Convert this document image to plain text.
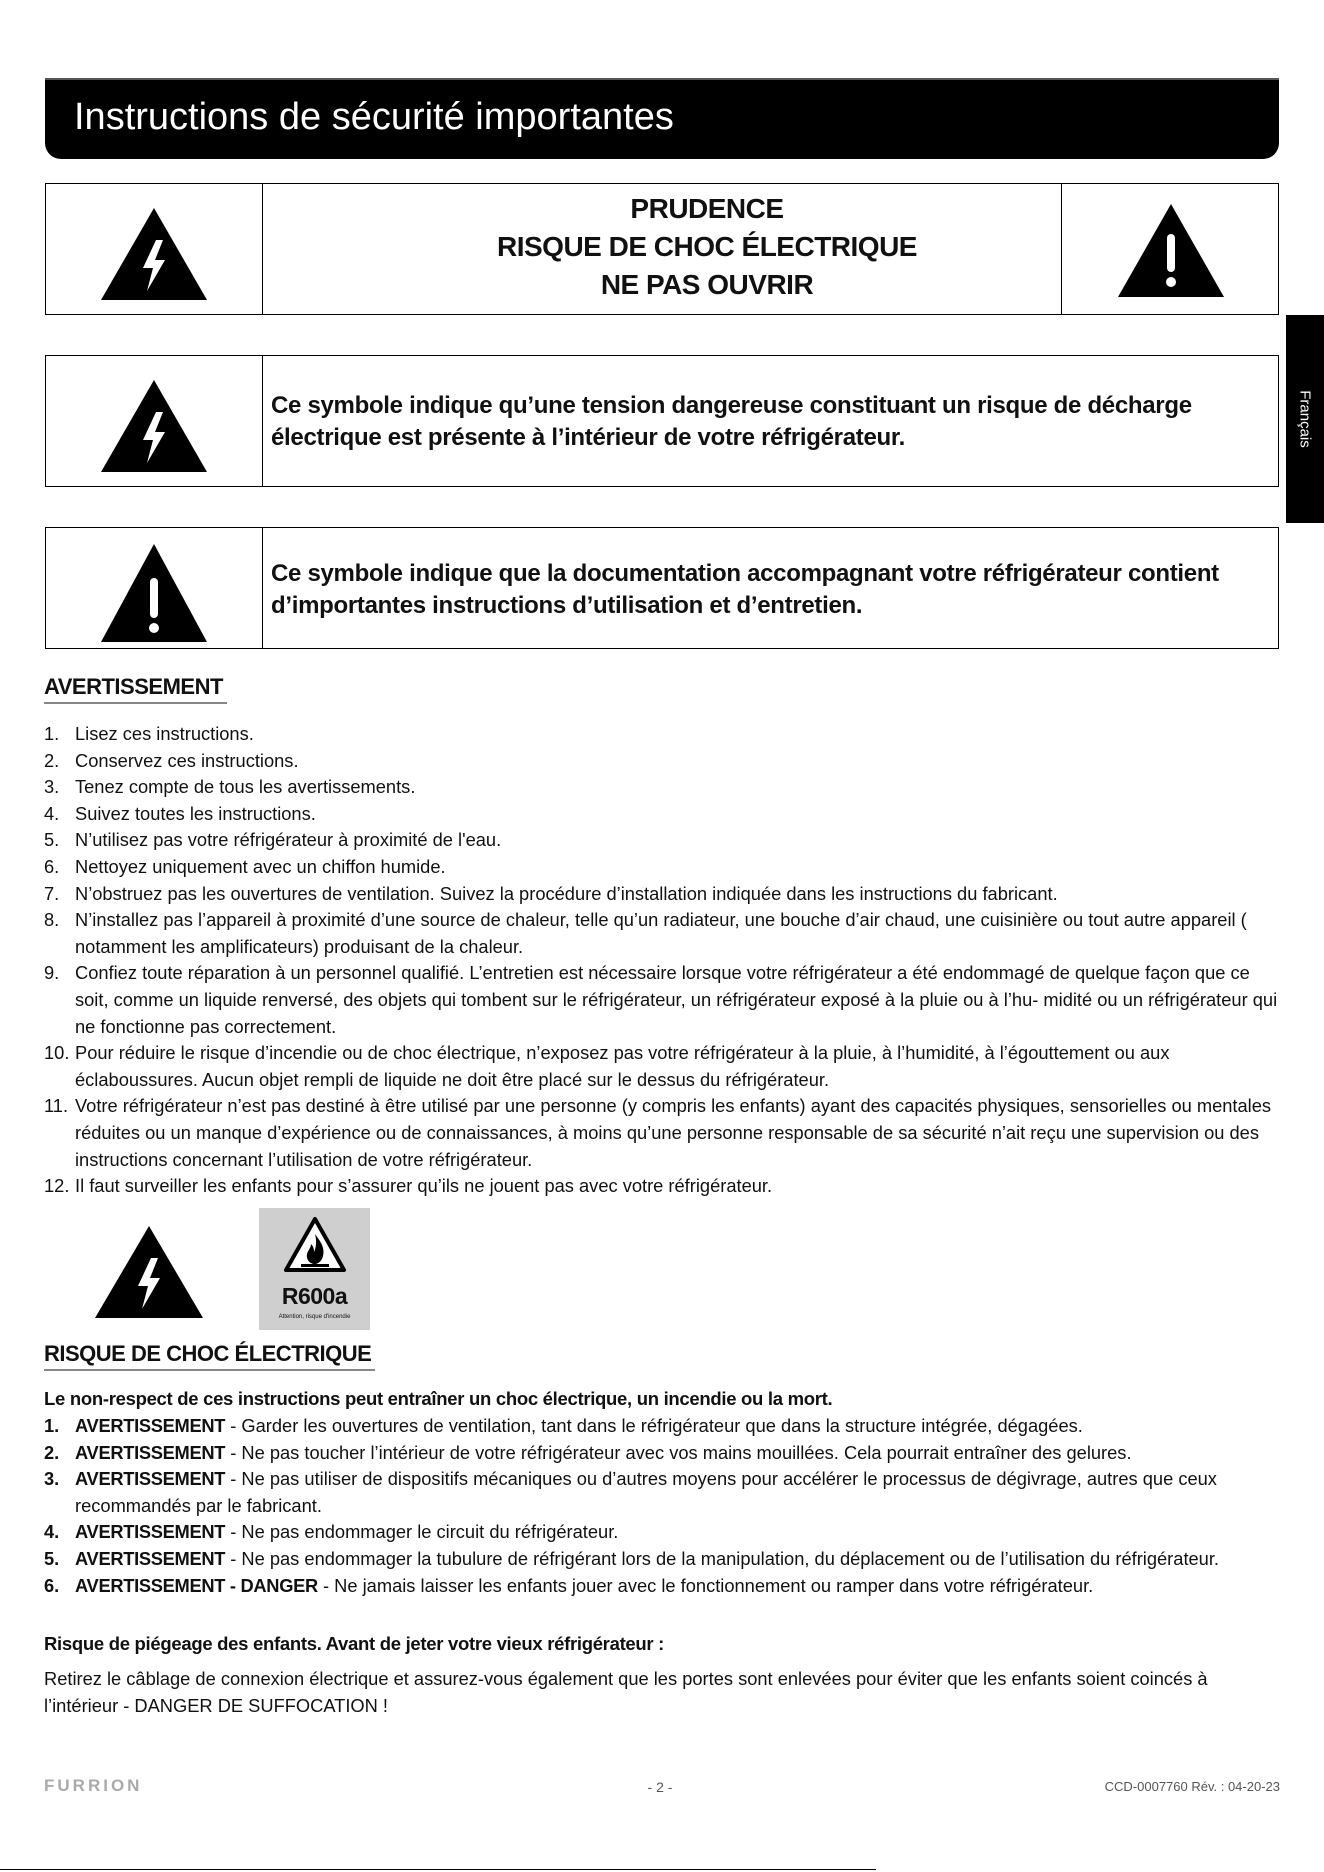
Instructions de sécurité importantes
Français
PRUDENCE
RISQUE DE CHOC ÉLECTRIQUE
NE PAS OUVRIR
Ce symbole indique qu’une tension dangereuse constituant un risque de décharge électrique est présente à l’intérieur de votre réfrigérateur.
Ce symbole indique que la documentation accompagnant votre réfrigérateur contient d’importantes instructions d’utilisation et d’entretien.
AVERTISSEMENT
1. Lisez ces instructions.
2. Conservez ces instructions.
3. Tenez compte de tous les avertissements.
4. Suivez toutes les instructions.
5. N’utilisez pas votre réfrigérateur à proximité de l'eau.
6. Nettoyez uniquement avec un chiffon humide.
7. N’obstruez pas les ouvertures de ventilation. Suivez la procédure d’installation indiquée dans les instructions du fabricant.
8. N’installez pas l’appareil à proximité d’une source de chaleur, telle qu’un radiateur, une bouche d’air chaud, une cuisinière ou tout autre appareil ( notamment les amplificateurs) produisant de la chaleur.
9. Confiez toute réparation à un personnel qualifié. L’entretien est nécessaire lorsque votre réfrigérateur a été endommagé de quelque façon que ce soit, comme un liquide renversé, des objets qui tombent sur le réfrigérateur, un réfrigérateur exposé à la pluie ou à l’hu- midité ou un réfrigérateur qui ne fonctionne pas correctement.
10. Pour réduire le risque d’incendie ou de choc électrique, n’exposez pas votre réfrigérateur à la pluie, à l’humidité, à l’égouttement ou aux éclaboussures. Aucun objet rempli de liquide ne doit être placé sur le dessus du réfrigérateur.
11. Votre réfrigérateur n’est pas destiné à être utilisé par une personne (y compris les enfants) ayant des capacités physiques, sensorielles ou mentales réduites ou un manque d’expérience ou de connaissances, à moins qu’une personne responsable de sa sécurité n’ait reçu une supervision ou des instructions concernant l’utilisation de votre réfrigérateur.
12. Il faut surveiller les enfants pour s’assurer qu’ils ne jouent pas avec votre réfrigérateur.
R600a
Attention, risque d'incendie
RISQUE DE CHOC ÉLECTRIQUE
Le non-respect de ces instructions peut entraîner un choc électrique, un incendie ou la mort.
1. AVERTISSEMENT - Garder les ouvertures de ventilation, tant dans le réfrigérateur que dans la structure intégrée, dégagées.
2. AVERTISSEMENT - Ne pas toucher l’intérieur de votre réfrigérateur avec vos mains mouillées. Cela pourrait entraîner des gelures.
3. AVERTISSEMENT - Ne pas utiliser de dispositifs mécaniques ou d’autres moyens pour accélérer le processus de dégivrage, autres que ceux recommandés par le fabricant.
4. AVERTISSEMENT - Ne pas endommager le circuit du réfrigérateur.
5. AVERTISSEMENT - Ne pas endommager la tubulure de réfrigérant lors de la manipulation, du déplacement ou de l’utilisation du réfrigérateur.
6. AVERTISSEMENT - DANGER - Ne jamais laisser les enfants jouer avec le fonctionnement ou ramper dans votre réfrigérateur.
Risque de piégeage des enfants. Avant de jeter votre vieux réfrigérateur :
Retirez le câblage de connexion électrique et assurez-vous également que les portes sont enlevées pour éviter que les enfants soient coincés à l’intérieur - DANGER DE SUFFOCATION !
FURRION	- 2 -	CCD-0007760 Rév. : 04-20-23
